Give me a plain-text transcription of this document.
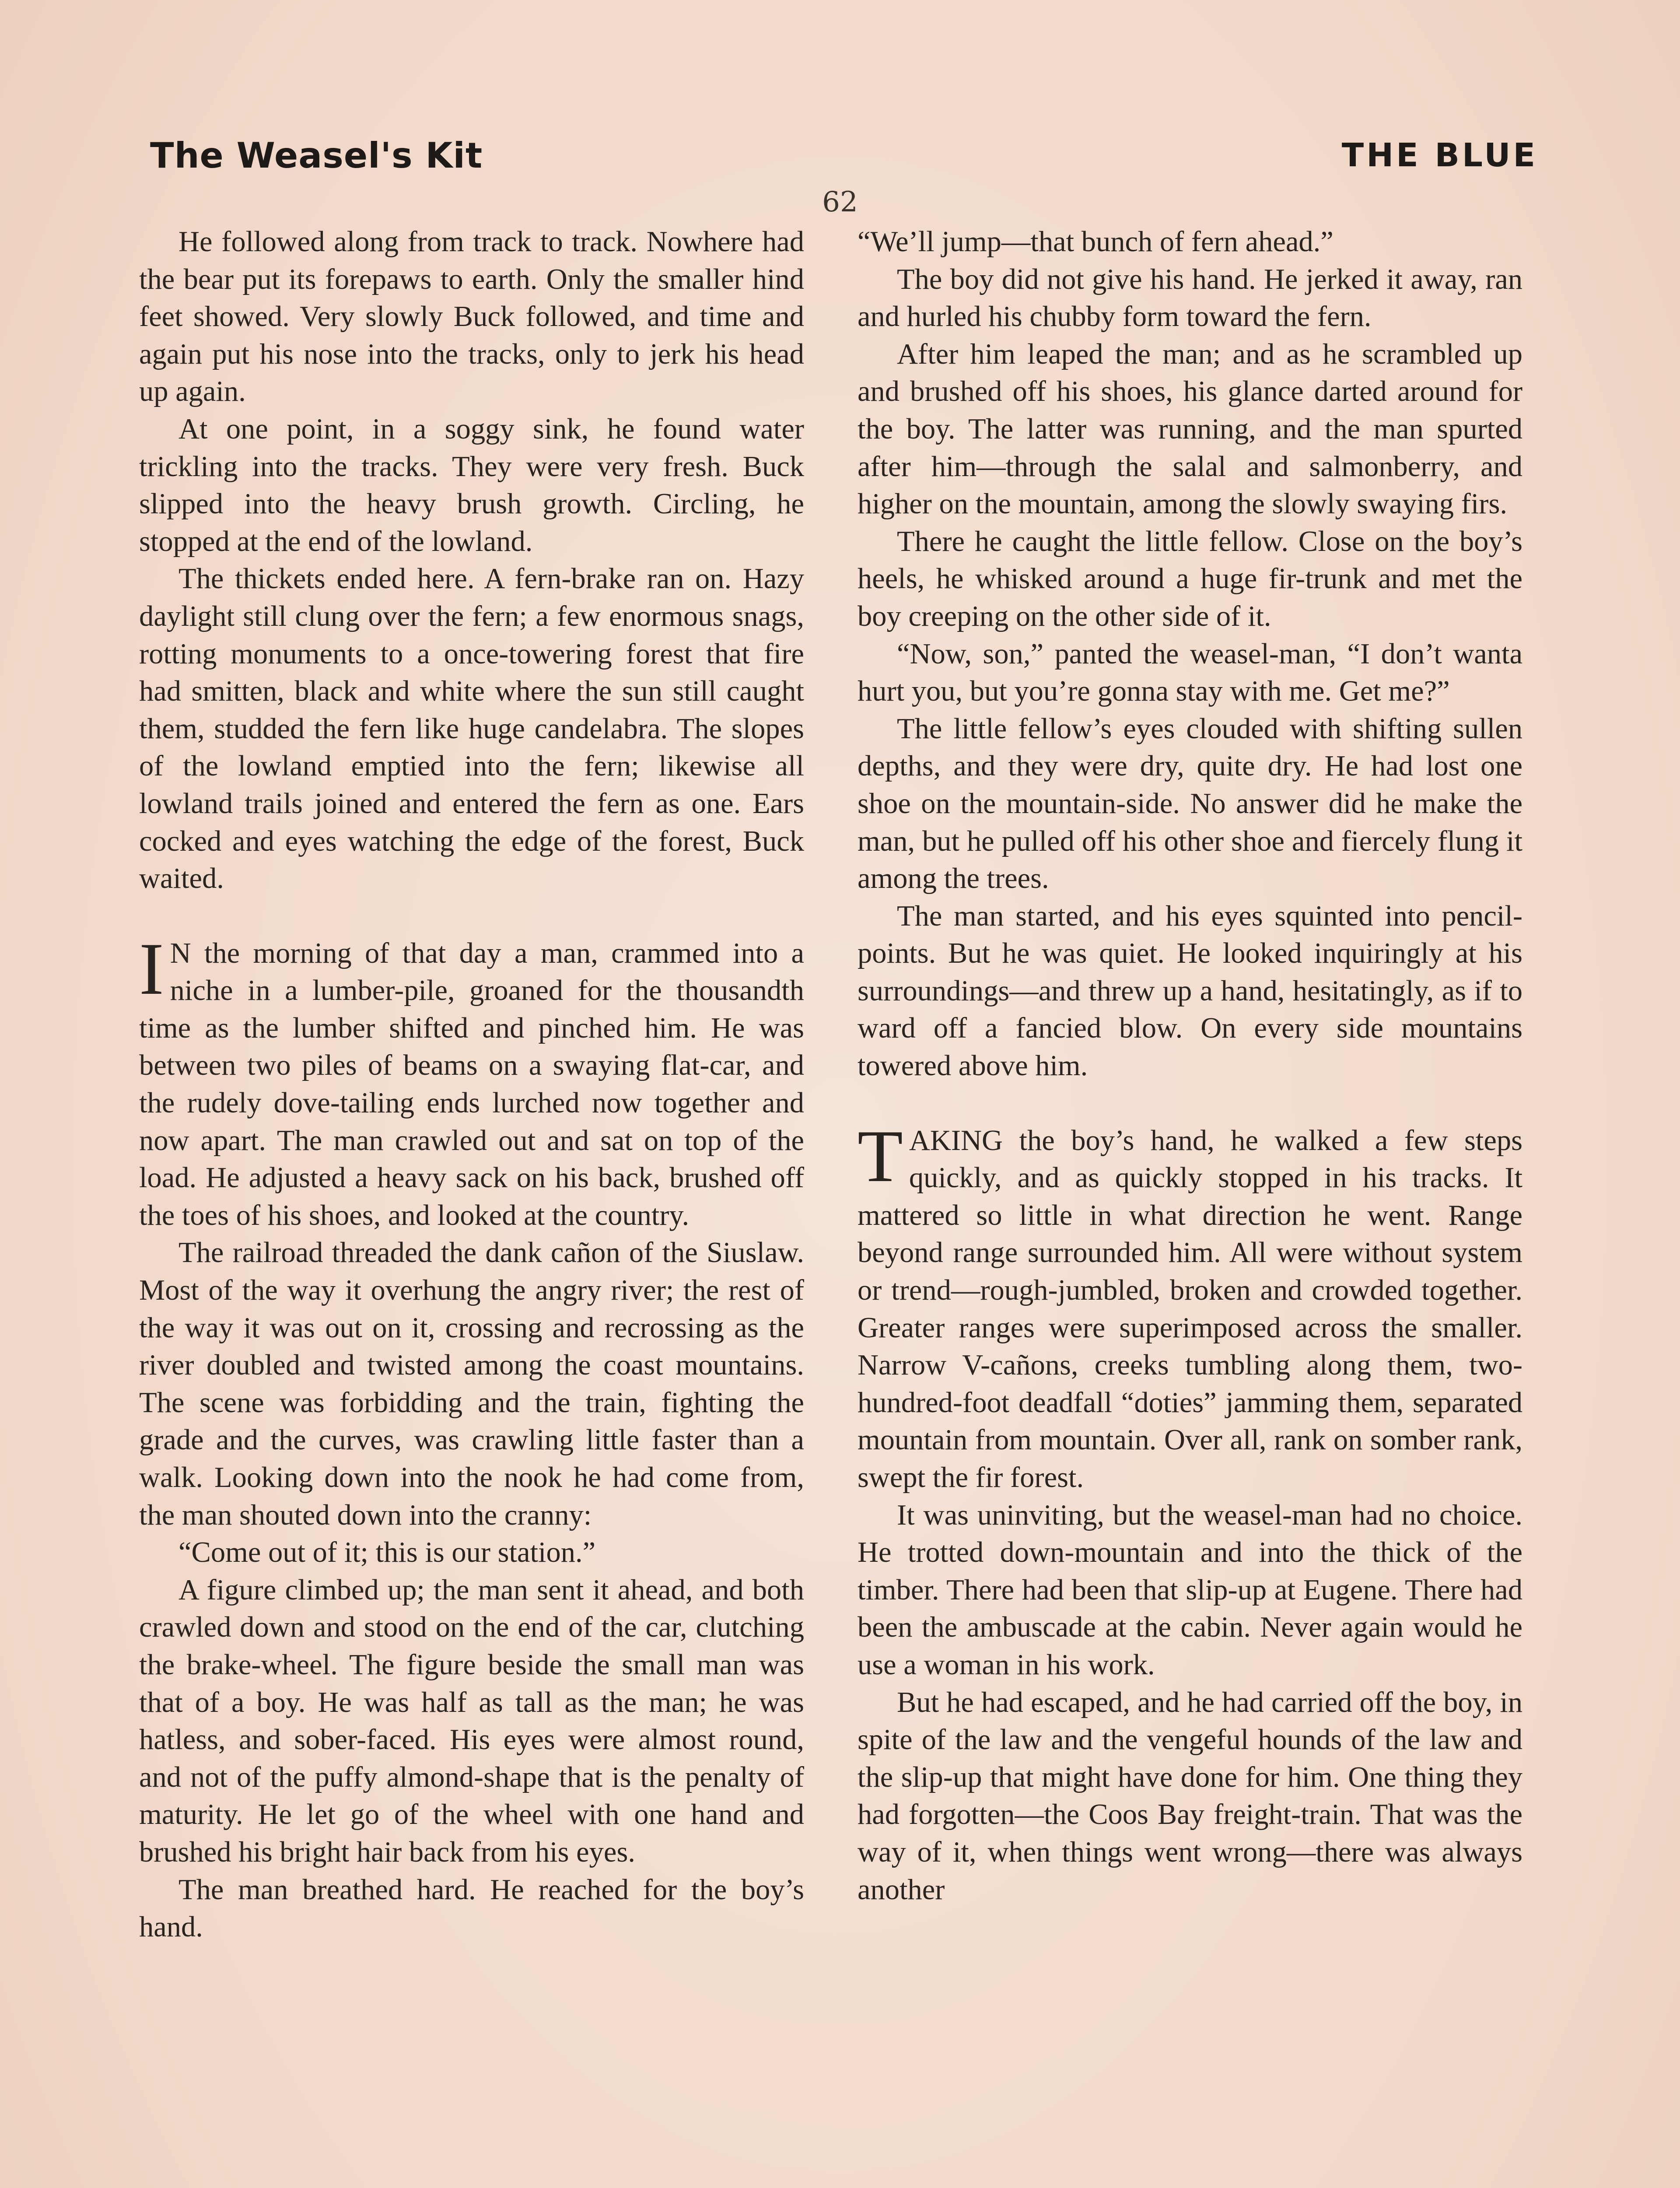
The Weasel's Kit	THE BLUE
62

He followed along from track to track. Nowhere had the bear put its forepaws to earth. Only the smaller hind feet showed. Very slowly Buck followed, and time and again put his nose into the tracks, only to jerk his head up again.

At one point, in a soggy sink, he found water trickling into the tracks. They were very fresh. Buck slipped into the heavy brush growth. Circling, he stopped at the end of the lowland.

The thickets ended here. A fern-brake ran on. Hazy daylight still clung over the fern; a few enormous snags, rotting monuments to a once-towering forest that fire had smitten, black and white where the sun still caught them, studded the fern like huge candelabra. The slopes of the lowland emptied into the fern; likewise all lowland trails joined and entered the fern as one. Ears cocked and eyes watching the edge of the forest, Buck waited.

I N the morning of that day a man, crammed into a niche in a lumber-pile, groaned for the thousandth time as the lumber shifted and pinched him. He was between two piles of beams on a swaying flat-car, and the rudely dove-tailing ends lurched now together and now apart. The man crawled out and sat on top of the load. He adjusted a heavy sack on his back, brushed off the toes of his shoes, and looked at the country.

The railroad threaded the dank cañon of the Siuslaw. Most of the way it overhung the angry river; the rest of the way it was out on it, crossing and recrossing as the river doubled and twisted among the coast mountains. The scene was forbidding and the train, fighting the grade and the curves, was crawling little faster than a walk. Looking down into the nook he had come from, the man shouted down into the cranny:

“Come out of it; this is our station.”

A figure climbed up; the man sent it ahead, and both crawled down and stood on the end of the car, clutching the brake-wheel. The figure beside the small man was that of a boy. He was half as tall as the man; he was hatless, and sober-faced. His eyes were almost round, and not of the puffy almond-shape that is the penalty of maturity. He let go of the wheel with one hand and brushed his bright hair back from his eyes.

The man breathed hard. He reached for the boy’s hand.

“We’ll jump—that bunch of fern ahead.”

The boy did not give his hand. He jerked it away, ran and hurled his chubby form toward the fern.

After him leaped the man; and as he scrambled up and brushed off his shoes, his glance darted around for the boy. The latter was running, and the man spurted after him—through the salal and salmonberry, and higher on the mountain, among the slowly swaying firs.

There he caught the little fellow. Close on the boy’s heels, he whisked around a huge fir-trunk and met the boy creeping on the other side of it.

“Now, son,” panted the weasel-man, “I don’t wanta hurt you, but you’re gonna stay with me. Get me?”

The little fellow’s eyes clouded with shifting sullen depths, and they were dry, quite dry. He had lost one shoe on the mountain-side. No answer did he make the man, but he pulled off his other shoe and fiercely flung it among the trees.

The man started, and his eyes squinted into pencil-points. But he was quiet. He looked inquiringly at his surroundings—and threw up a hand, hesitatingly, as if to ward off a fancied blow. On every side mountains towered above him.

TAKING the boy’s hand, he walked a few steps quickly, and as quickly stopped in his tracks. It mattered so little in what direction he went. Range beyond range surrounded him. All were without system or trend—rough-jumbled, broken and crowded together. Greater ranges were superimposed across the smaller. Narrow V-cañons, creeks tumbling along them, two-hundred-foot deadfall “doties” jamming them, separated mountain from mountain. Over all, rank on somber rank, swept the fir forest.

It was uninviting, but the weasel-man had no choice. He trotted down-mountain and into the thick of the timber. There had been that slip-up at Eugene. There had been the ambuscade at the cabin. Never again would he use a woman in his work.

But he had escaped, and he had carried off the boy, in spite of the law and the vengeful hounds of the law and the slip-up that might have done for him. One thing they had forgotten—the Coos Bay freight-train. That was the way of it, when things went wrong—there was always another
